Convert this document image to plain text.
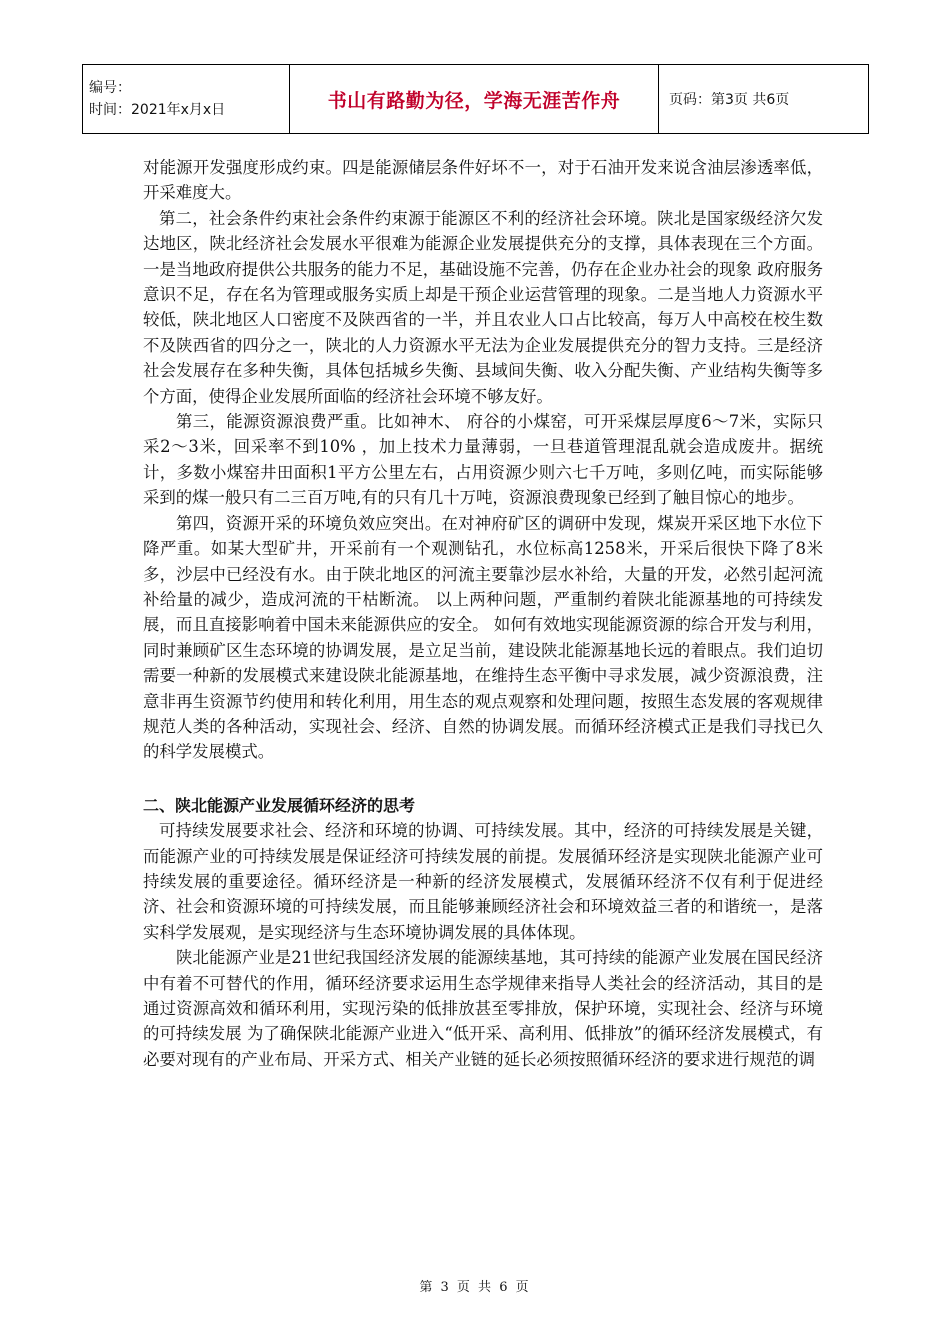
编号：
时间：2021年x月x日	书山有路勤为径，学海无涯苦作舟	页码：第3页 共6页

对能源开发强度形成约束。四是能源储层条件好坏不一，对于石油开发来说含油层渗透率低，开采难度大。

第二，社会条件约束社会条件约束源于能源区不利的经济社会环境。陕北是国家级经济欠发达地区，陕北经济社会发展水平很难为能源企业发展提供充分的支撑，具体表现在三个方面。一是当地政府提供公共服务的能力不足，基础设施不完善，仍存在企业办社会的现象 政府服务意识不足，存在名为管理或服务实质上却是干预企业运营管理的现象。二是当地人力资源水平较低，陕北地区人口密度不及陕西省的一半，并且农业人口占比较高，每万人中高校在校生数不及陕西省的四分之一，陕北的人力资源水平无法为企业发展提供充分的智力支持。三是经济社会发展存在多种失衡，具体包括城乡失衡、县域间失衡、收入分配失衡、产业结构失衡等多个方面，使得企业发展所面临的经济社会环境不够友好。

第三，能源资源浪费严重。比如神木、 府谷的小煤窑，可开采煤层厚度6～7米，实际只采2～3米，回采率不到10% ，加上技术力量薄弱，一旦巷道管理混乱就会造成废井。据统计，多数小煤窑井田面积1平方公里左右，占用资源少则六七千万吨，多则亿吨，而实际能够采到的煤一般只有二三百万吨,有的只有几十万吨，资源浪费现象已经到了触目惊心的地步。

第四，资源开采的环境负效应突出。在对神府矿区的调研中发现，煤炭开采区地下水位下降严重。如某大型矿井，开采前有一个观测钻孔，水位标高1258米，开采后很快下降了8米多，沙层中已经没有水。由于陕北地区的河流主要靠沙层水补给，大量的开发，必然引起河流补给量的减少，造成河流的干枯断流。 以上两种问题，严重制约着陕北能源基地的可持续发展，而且直接影响着中国未来能源供应的安全。 如何有效地实现能源资源的综合开发与利用，同时兼顾矿区生态环境的协调发展，是立足当前，建设陕北能源基地长远的着眼点。我们迫切需要一种新的发展模式来建设陕北能源基地，在维持生态平衡中寻求发展，减少资源浪费，注意非再生资源节约使用和转化利用，用生态的观点观察和处理问题，按照生态发展的客观规律规范人类的各种活动，实现社会、经济、自然的协调发展。而循环经济模式正是我们寻找已久的科学发展模式。

二、陕北能源产业发展循环经济的思考

可持续发展要求社会、经济和环境的协调、可持续发展。其中，经济的可持续发展是关键，而能源产业的可持续发展是保证经济可持续发展的前提。发展循环经济是实现陕北能源产业可持续发展的重要途径。循环经济是一种新的经济发展模式，发展循环经济不仅有利于促进经济、社会和资源环境的可持续发展，而且能够兼顾经济社会和环境效益三者的和谐统一，是落实科学发展观，是实现经济与生态环境协调发展的具体体现。

陕北能源产业是21世纪我国经济发展的能源续基地，其可持续的能源产业发展在国民经济中有着不可替代的作用，循环经济要求运用生态学规律来指导人类社会的经济活动，其目的是通过资源高效和循环利用，实现污染的低排放甚至零排放，保护环境，实现社会、经济与环境的可持续发展 为了确保陕北能源产业进入“低开采、高利用、低排放”的循环经济发展模式，有必要对现有的产业布局、开采方式、相关产业链的延长必须按照循环经济的要求进行规范的调

第 3 页 共 6 页
